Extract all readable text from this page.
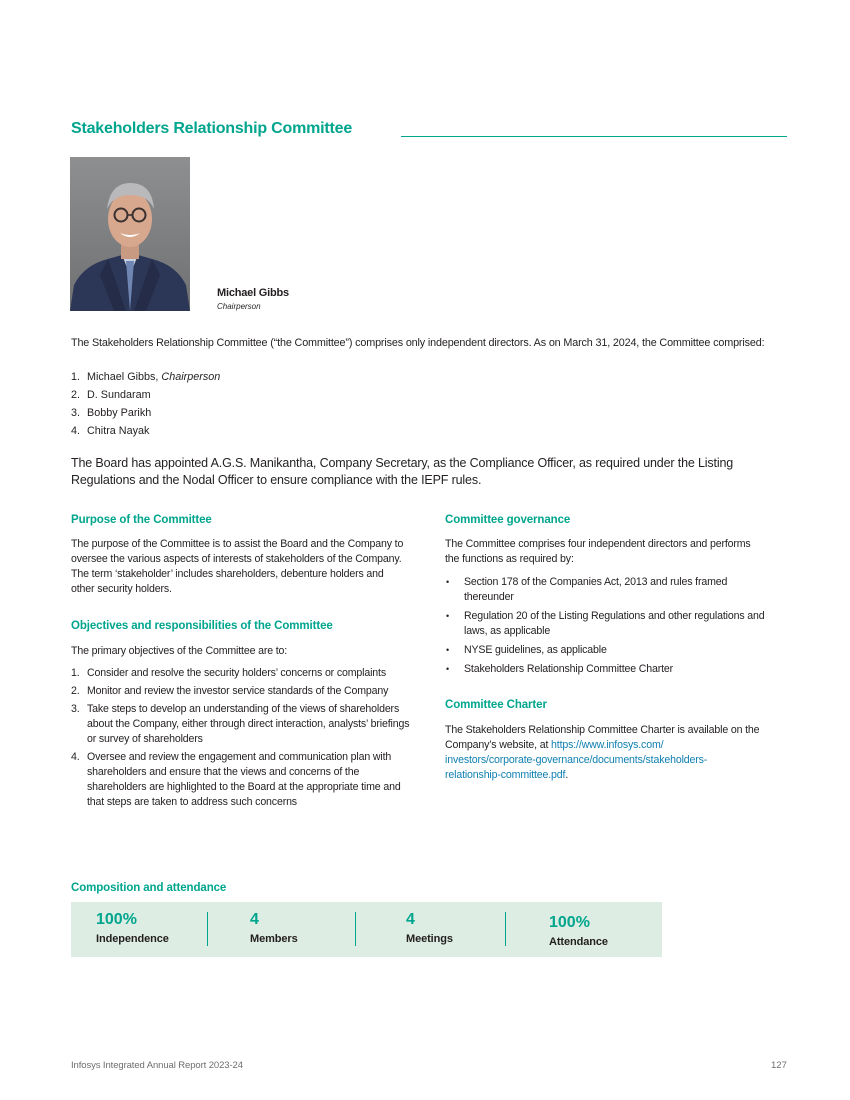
Stakeholders Relationship Committee
Michael Gibbs
Chairperson
The Stakeholders Relationship Committee (“the Committee”) comprises only independent directors. As on March 31, 2024, the Committee comprised:
1. Michael Gibbs, Chairperson
2. D. Sundaram
3. Bobby Parikh
4. Chitra Nayak
The Board has appointed A.G.S. Manikantha, Company Secretary, as the Compliance Officer, as required under the Listing Regulations and the Nodal Officer to ensure compliance with the IEPF rules.
Purpose of the Committee
The purpose of the Committee is to assist the Board and the Company to oversee the various aspects of interests of stakeholders of the Company. The term ‘stakeholder’ includes shareholders, debenture holders and other security holders.
Objectives and responsibilities of the Committee
The primary objectives of the Committee are to:
1. Consider and resolve the security holders’ concerns or complaints
2. Monitor and review the investor service standards of the Company
3. Take steps to develop an understanding of the views of shareholders about the Company, either through direct interaction, analysts’ briefings or survey of shareholders
4. Oversee and review the engagement and communication plan with shareholders and ensure that the views and concerns of the shareholders are highlighted to the Board at the appropriate time and that steps are taken to address such concerns
Committee governance
The Committee comprises four independent directors and performs the functions as required by:
• Section 178 of the Companies Act, 2013 and rules framed thereunder
• Regulation 20 of the Listing Regulations and other regulations and laws, as applicable
• NYSE guidelines, as applicable
• Stakeholders Relationship Committee Charter
Committee Charter
The Stakeholders Relationship Committee Charter is available on the Company’s website, at https://www.infosys.com/
investors/corporate-governance/documents/stakeholders-
relationship-committee.pdf.
Composition and attendance
100%
Independence
4
Members
4
Meetings
100%
Attendance
Infosys Integrated Annual Report 2023-24	127
